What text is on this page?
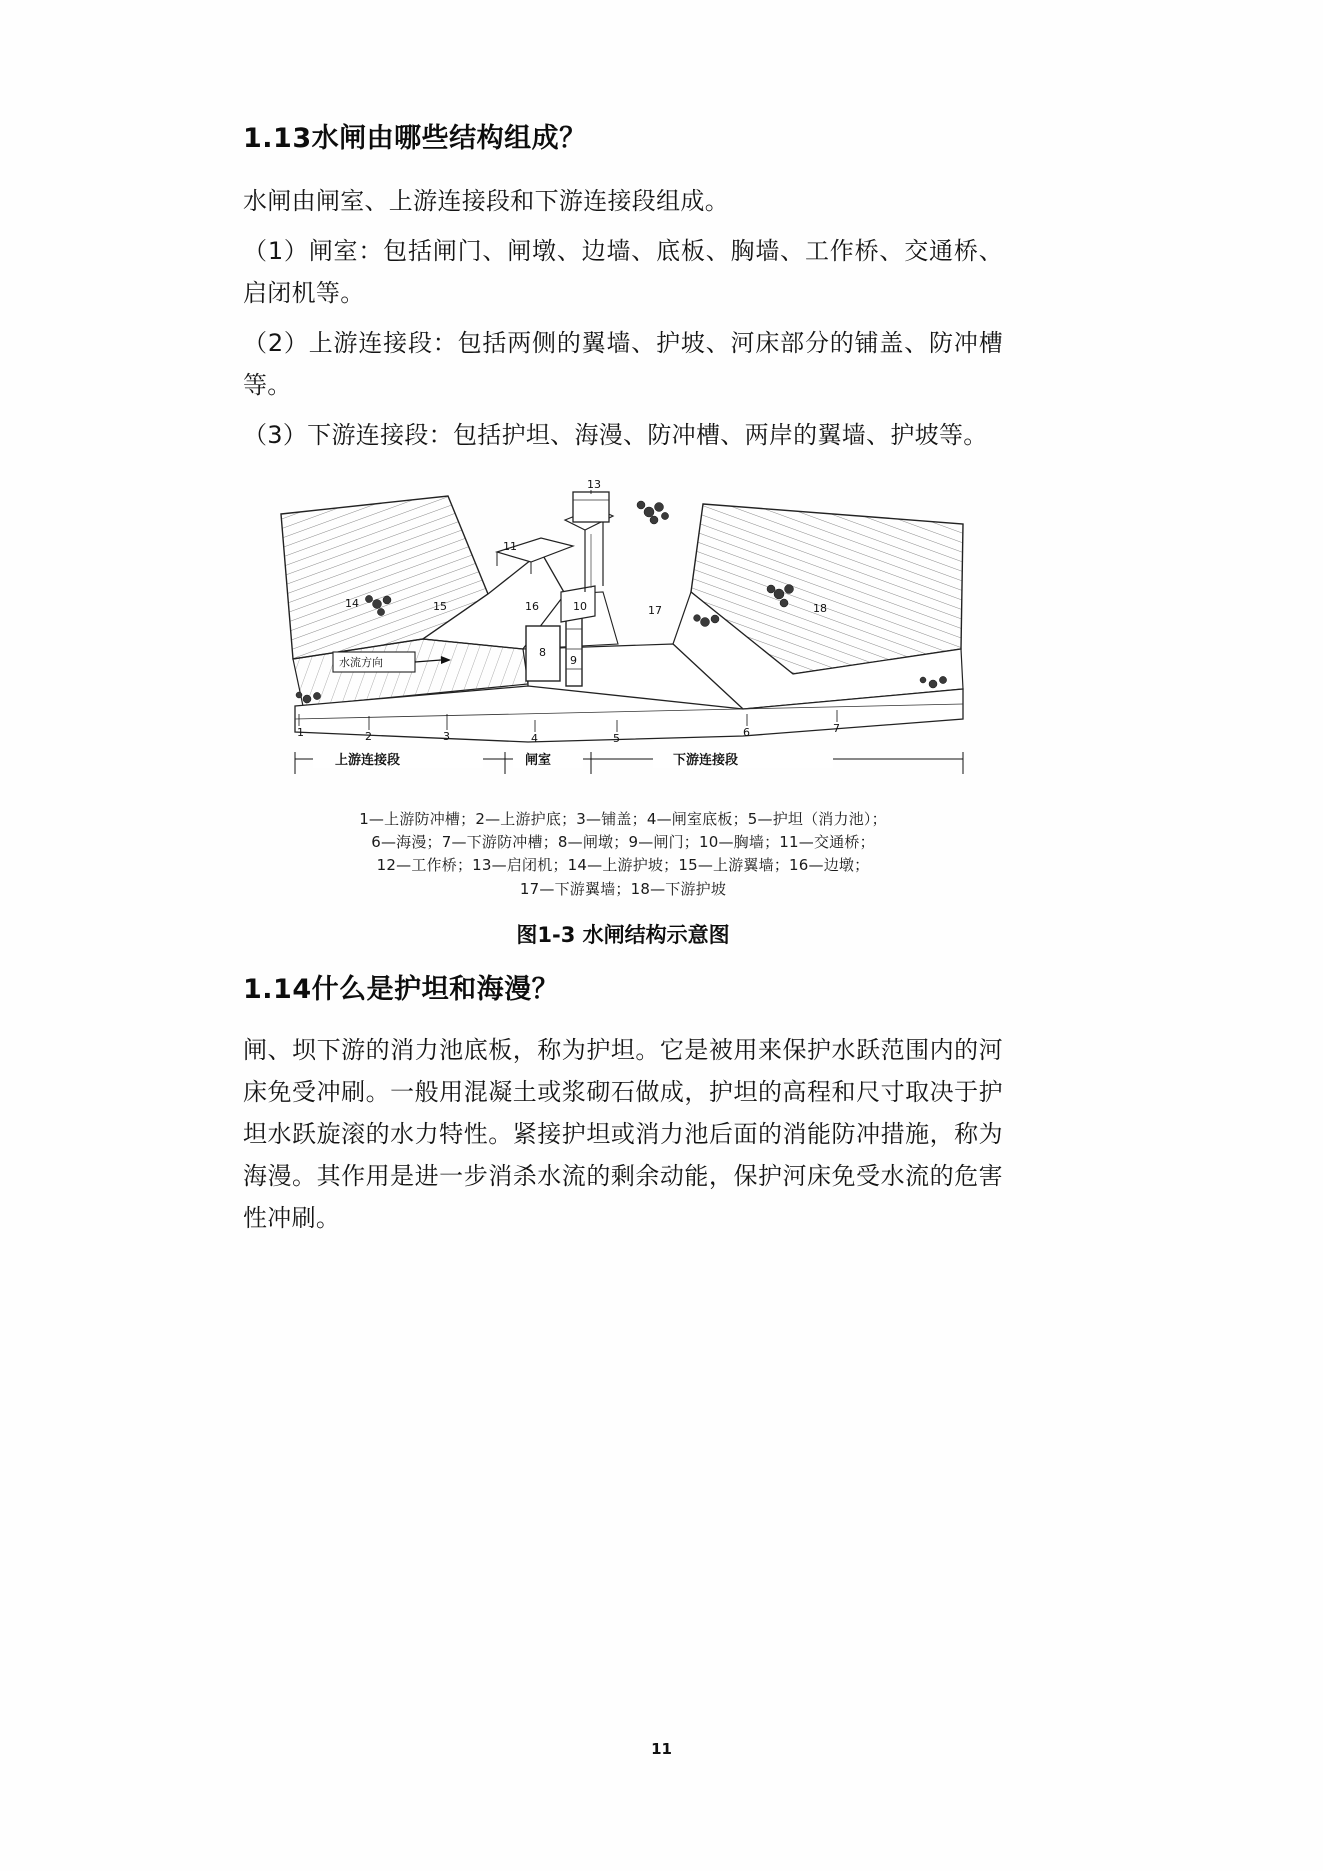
1.13水闸由哪些结构组成？

水闸由闸室、上游连接段和下游连接段组成。

（1）闸室：包括闸门、闸墩、边墙、底板、胸墙、工作桥、交通桥、启闭机等。

（2）上游连接段：包括两侧的翼墙、护坡、河床部分的铺盖、防冲槽等。

（3）下游连接段：包括护坦、海漫、防冲槽、两岸的翼墙、护坡等。

水流方向
13
11
14	15	16	10
8
9
17	18
1	2	3	4	5	6	7
上游连接段	闸室	下游连接段
1—上游防冲槽；2—上游护底；3—铺盖；4—闸室底板；5—护坦（消力池）；
6—海漫；7—下游防冲槽；8—闸墩；9—闸门；10—胸墙；11—交通桥；
12—工作桥；13—启闭机；14—上游护坡；15—上游翼墙；16—边墩；
17—下游翼墙；18—下游护坡
图1-3 水闸结构示意图
1.14什么是护坦和海漫？

闸、坝下游的消力池底板，称为护坦。它是被用来保护水跃范围内的河床免受冲刷。一般用混凝土或浆砌石做成，护坦的高程和尺寸取决于护坦水跃旋滚的水力特性。紧接护坦或消力池后面的消能防冲措施，称为海漫。其作用是进一步消杀水流的剩余动能，保护河床免受水流的危害性冲刷。

11
